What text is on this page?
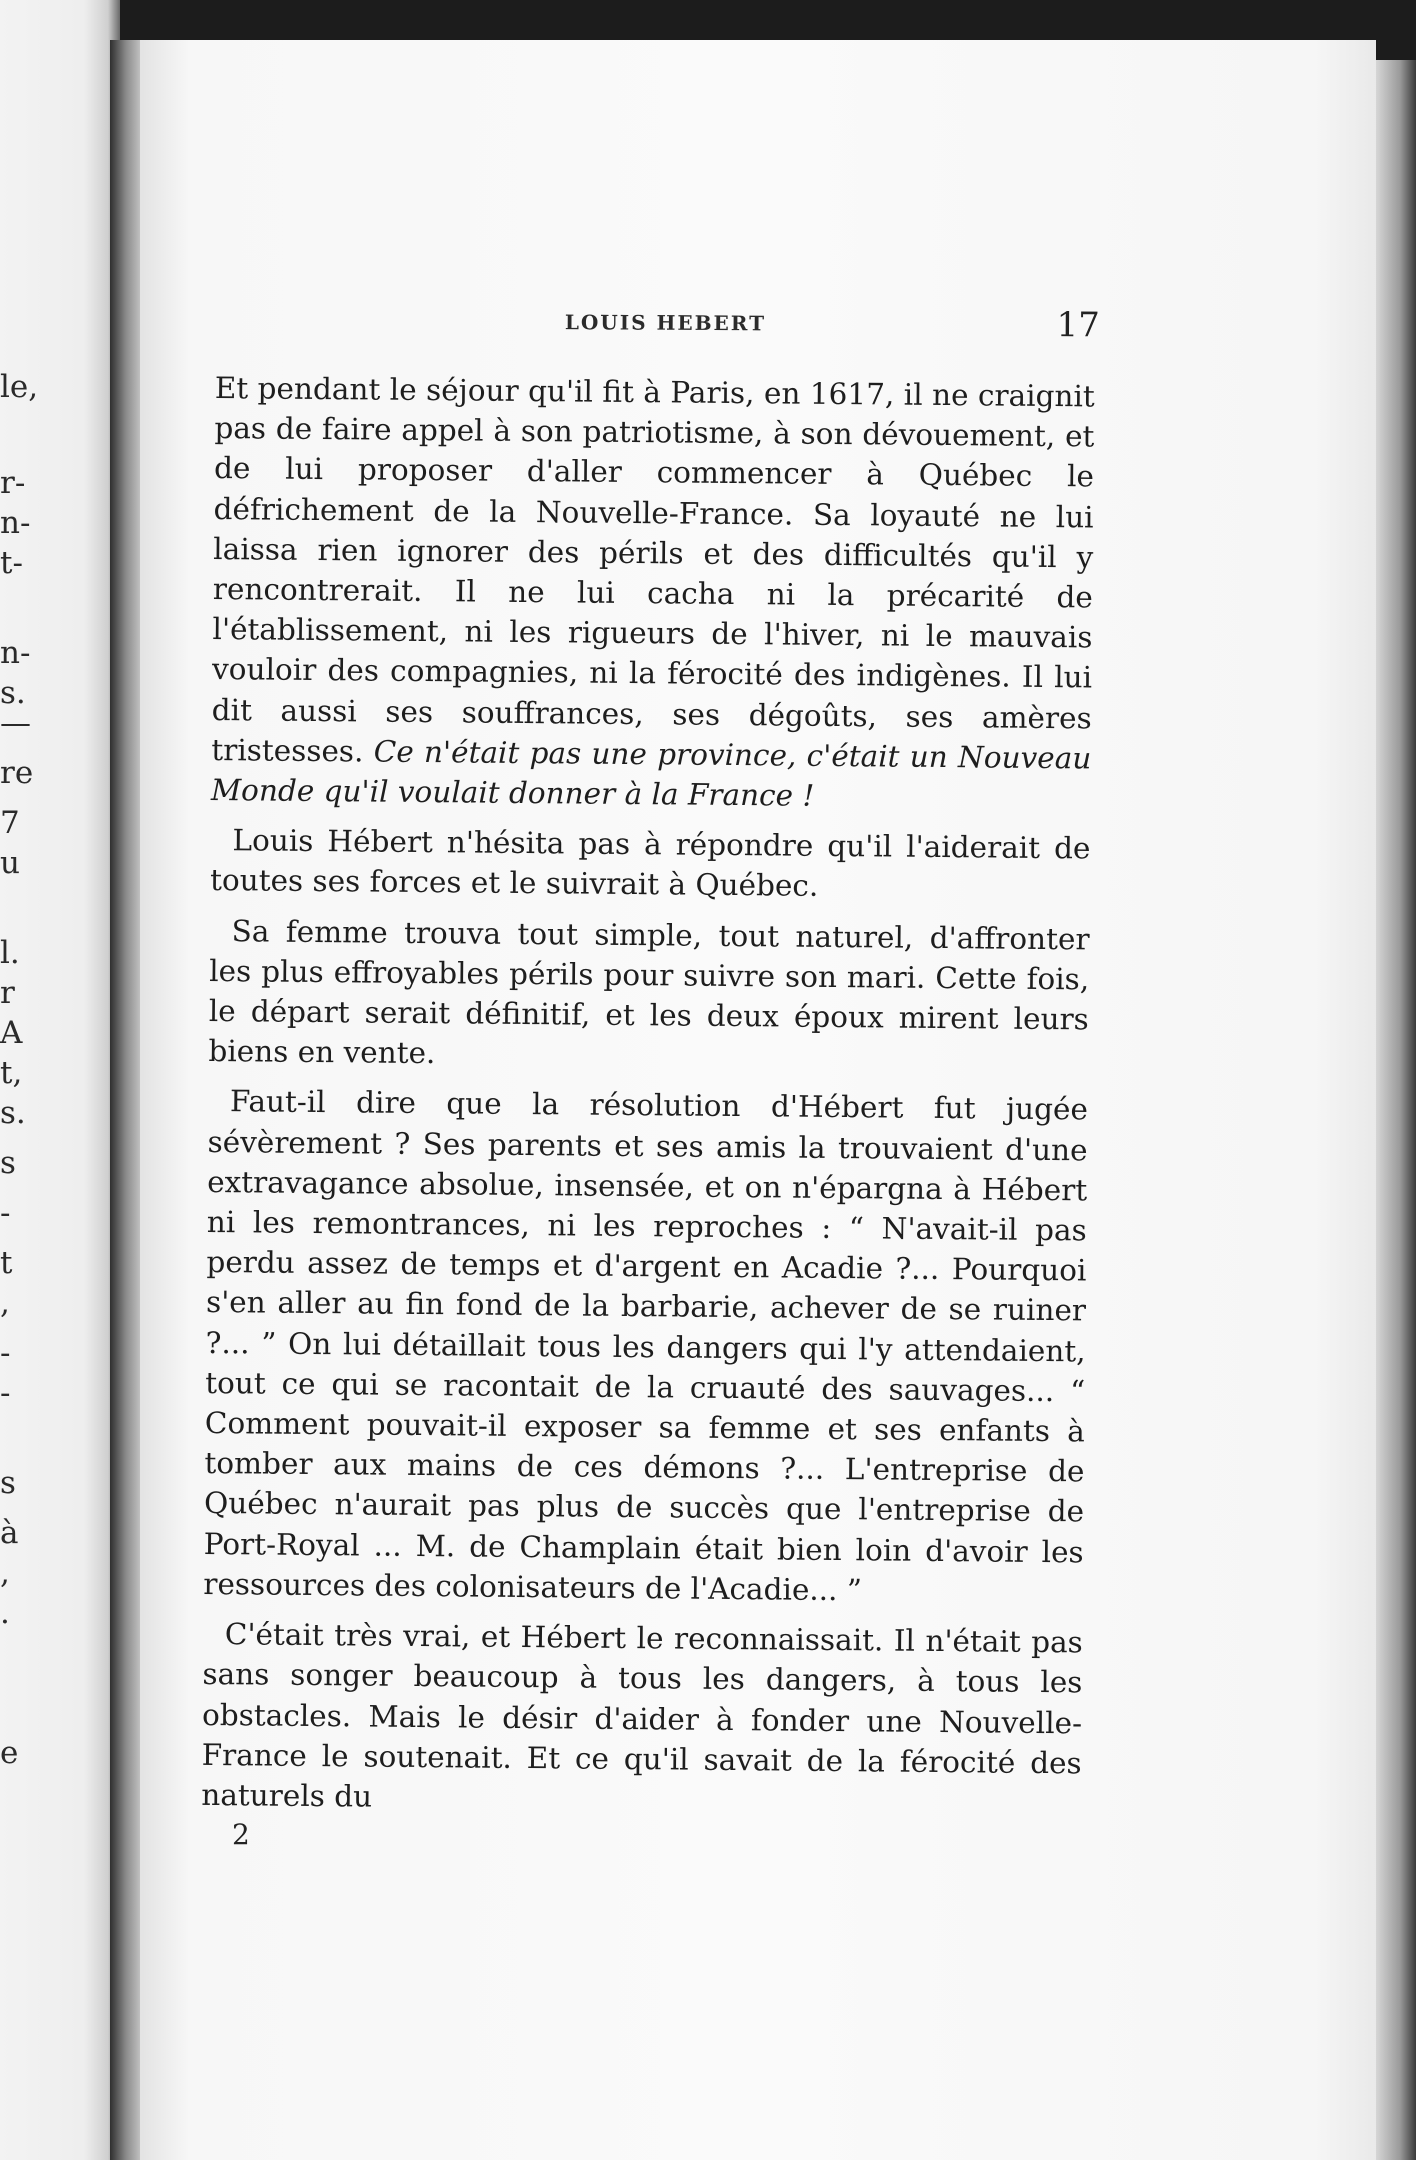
le,
r-
n-
t-
n-
s.
—
re
7
u
l.
r
A
t,
s.
s
-
t
,
-
-
s
à
,
.
e
LOUIS HEBERT	17

Et pendant le séjour qu'il fit à Paris, en 1617, il ne craignit pas de faire appel à son patriotisme, à son dévouement, et de lui proposer d'aller commencer à Québec le défrichement de la Nouvelle-France. Sa loyauté ne lui laissa rien ignorer des périls et des difficultés qu'il y rencontrerait. Il ne lui cacha ni la précarité de l'établissement, ni les rigueurs de l'hiver, ni le mauvais vouloir des compagnies, ni la férocité des indigènes. Il lui dit aussi ses souffrances, ses dégoûts, ses amères tristesses. Ce n'était pas une province, c'était un Nouveau Monde qu'il voulait donner à la France !

Louis Hébert n'hésita pas à répondre qu'il l'aiderait de toutes ses forces et le suivrait à Québec.

Sa femme trouva tout simple, tout naturel, d'affronter les plus effroyables périls pour suivre son mari. Cette fois, le départ serait définitif, et les deux époux mirent leurs biens en vente.

Faut-il dire que la résolution d'Hébert fut jugée sévèrement ? Ses parents et ses amis la trouvaient d'une extravagance absolue, insensée, et on n'épargna à Hébert ni les remontrances, ni les reproches : “ N'avait-il pas perdu assez de temps et d'argent en Acadie ?... Pourquoi s'en aller au fin fond de la barbarie, achever de se ruiner ?... ” On lui détaillait tous les dangers qui l'y attendaient, tout ce qui se racontait de la cruauté des sauvages... “ Comment pouvait-il exposer sa femme et ses enfants à tomber aux mains de ces démons ?... L'entreprise de Québec n'aurait pas plus de succès que l'entreprise de Port-Royal ... M. de Champlain était bien loin d'avoir les ressources des colonisateurs de l'Acadie... ”

C'était très vrai, et Hébert le reconnaissait. Il n'était pas sans songer beaucoup à tous les dangers, à tous les obstacles. Mais le désir d'aider à fonder une Nouvelle-France le soutenait. Et ce qu'il savait de la férocité des naturels du

2
